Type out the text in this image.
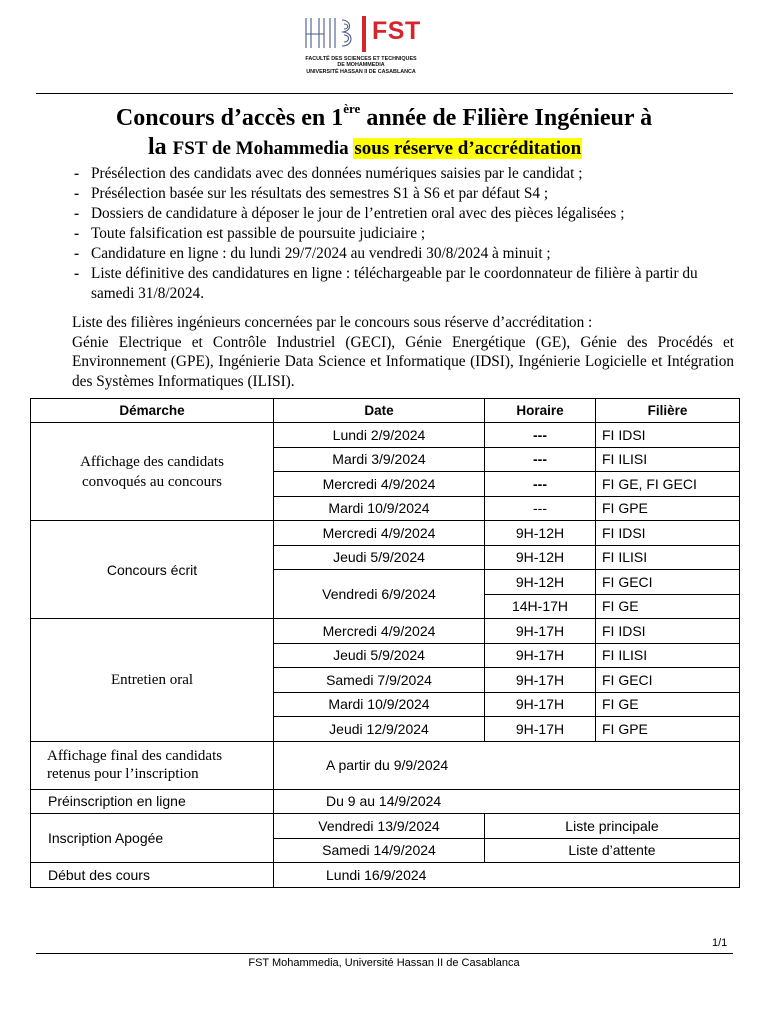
FST
FACULTÉ DES SCIENCES ET TECHNIQUES
DE MOHAMMEDIA
UNIVERSITÉ HASSAN II DE CASABLANCA
Concours d’accès en 1ère année de Filière Ingénieur à
la FST de Mohammedia sous réserve d’accréditation
- Présélection des candidats avec des données numériques saisies par le candidat ;
- Présélection basée sur les résultats des semestres S1 à S6 et par défaut S4 ;
- Dossiers de candidature à déposer le jour de l’entretien oral avec des pièces légalisées ;
- Toute falsification est passible de poursuite judiciaire ;
- Candidature en ligne : du lundi 29/7/2024 au vendredi 30/8/2024 à minuit ;
- Liste définitive des candidatures en ligne : téléchargeable par le coordonnateur de filière à partir du samedi 31/8/2024.
Liste des filières ingénieurs concernées par le concours sous réserve d’accréditation :
Génie Electrique et Contrôle Industriel (GECI), Génie Energétique (GE), Génie des Procédés et Environnement (GPE), Ingénierie Data Science et Informatique (IDSI), Ingénierie Logicielle et Intégration des Systèmes Informatiques (ILISI).
Démarche	Date	Horaire	Filière
Affichage des candidats convoqués au concours	Lundi 2/9/2024	---	FI IDSI
	Mardi 3/9/2024	---	FI ILISI
	Mercredi 4/9/2024	---	FI GE, FI GECI
	Mardi 10/9/2024	---	FI GPE
Concours écrit	Mercredi 4/9/2024	9H-12H	FI IDSI
	Jeudi 5/9/2024	9H-12H	FI ILISI
	Vendredi 6/9/2024	9H-12H	FI GECI
		14H-17H	FI GE
Entretien oral	Mercredi 4/9/2024	9H-17H	FI IDSI
	Jeudi 5/9/2024	9H-17H	FI ILISI
	Samedi 7/9/2024	9H-17H	FI GECI
	Mardi 10/9/2024	9H-17H	FI GE
	Jeudi 12/9/2024	9H-17H	FI GPE
Affichage final des candidats retenus pour l’inscription	A partir du 9/9/2024		
Préinscription en ligne	Du 9 au 14/9/2024		
Inscription Apogée	Vendredi 13/9/2024	Liste principale	
	Samedi 14/9/2024	Liste d’attente	
Début des cours	Lundi 16/9/2024		
1/1
FST Mohammedia, Université Hassan II de Casablanca
